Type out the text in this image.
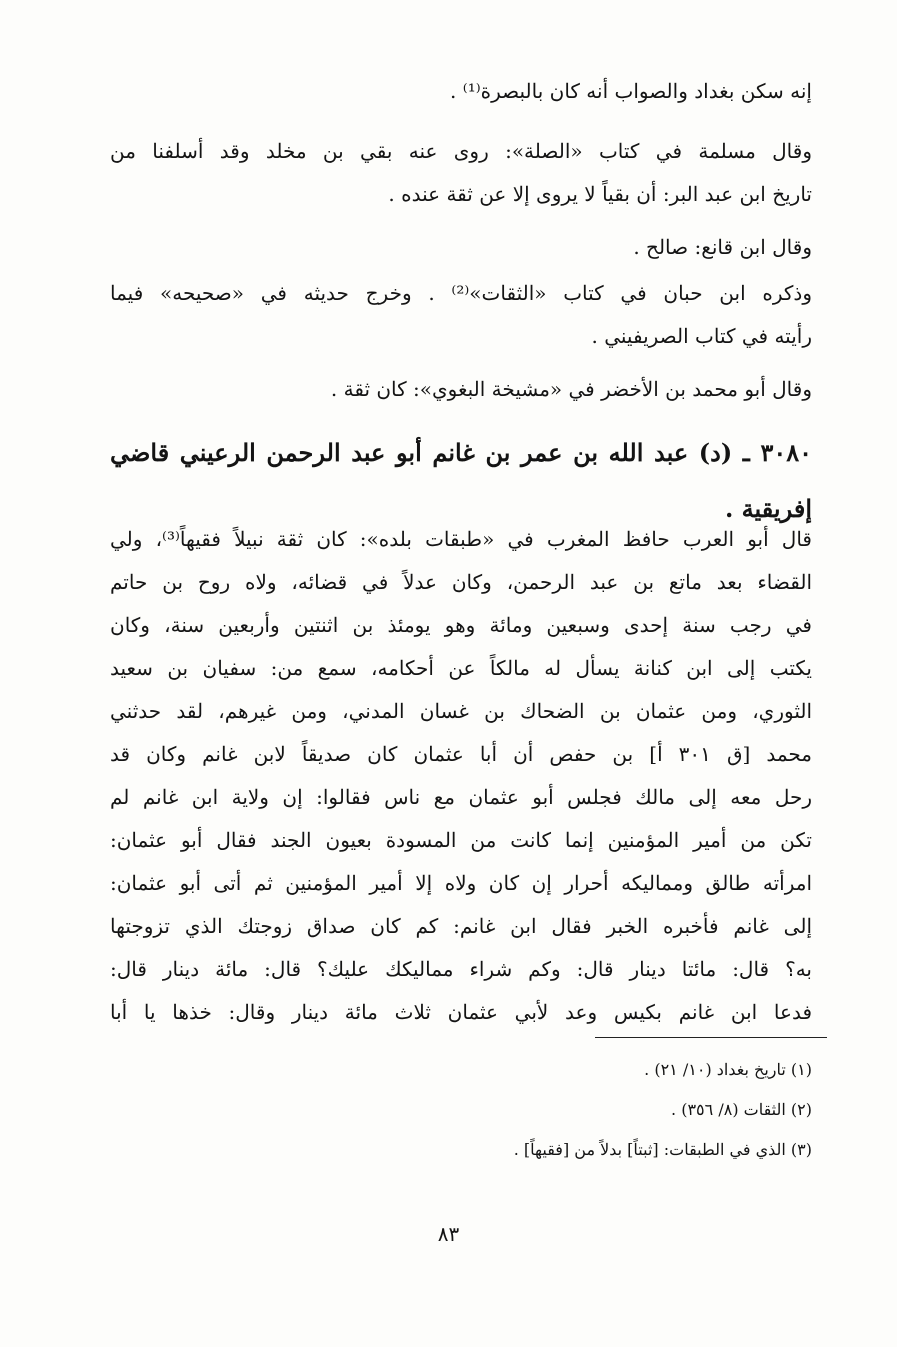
إنه سكن بغداد والصواب أنه كان بالبصرة⁽¹⁾ .
وقال مسلمة في كتاب «الصلة»: روى عنه بقي بن مخلد وقد أسلفنا من
تاريخ ابن عبد البر: أن بقياً لا يروى إلا عن ثقة عنده .
وقال ابن قانع: صالح .
وذكره ابن حبان في كتاب «الثقات»⁽²⁾ . وخرج حديثه في «صحيحه» فيما
رأيته في كتاب الصريفيني .
وقال أبو محمد بن الأخضر في «مشيخة البغوي»: كان ثقة .
٣٠٨٠ ـ (د) عبد الله بن عمر بن غانم أبو عبد الرحمن الرعيني قاضي
إفريقية .
قال أبو العرب حافظ المغرب في «طبقات بلده»: كان ثقة نبيلاً فقيهاً⁽³⁾، ولي
القضاء بعد ماتع بن عبد الرحمن، وكان عدلاً في قضائه، ولاه روح بن حاتم
في رجب سنة إحدى وسبعين ومائة وهو يومئذ بن اثنتين وأربعين سنة، وكان
يكتب إلى ابن كنانة يسأل له مالكاً عن أحكامه، سمع من: سفيان بن سعيد
الثوري، ومن عثمان بن الضحاك بن غسان المدني، ومن غيرهم، لقد حدثني
محمد [ق ٣٠١ أ] بن حفص أن أبا عثمان كان صديقاً لابن غانم وكان قد
رحل معه إلى مالك فجلس أبو عثمان مع ناس فقالوا: إن ولاية ابن غانم لم
تكن من أمير المؤمنين إنما كانت من المسودة بعيون الجند فقال أبو عثمان:
امرأته طالق ومماليكه أحرار إن كان ولاه إلا أمير المؤمنين ثم أتى أبو عثمان:
إلى غانم فأخبره الخبر فقال ابن غانم: كم كان صداق زوجتك الذي تزوجتها
به؟ قال: مائتا دينار قال: وكم شراء مماليكك عليك؟ قال: مائة دينار قال:
فدعا ابن غانم بكيس وعد لأبي عثمان ثلاث مائة دينار وقال: خذها يا أبا
(١) تاريخ بغداد (١٠/ ٢١) .
(٢) الثقات (٨/ ٣٥٦) .
(٣) الذي في الطبقات: [ثبتاً] بدلاً من [فقيهاً] .
٨٣
